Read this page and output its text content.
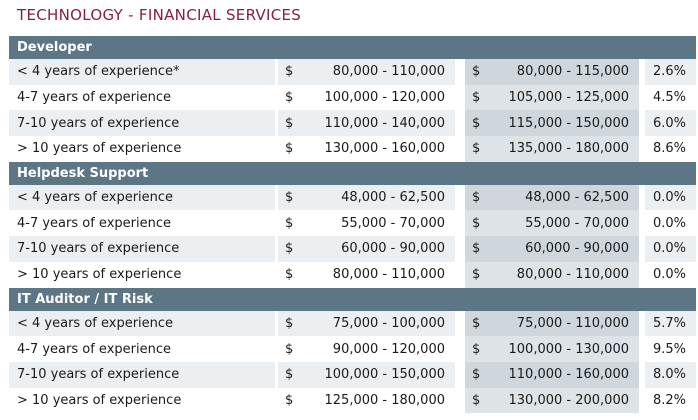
TECHNOLOGY - FINANCIAL SERVICES
Developer
< 4 years of experience*	$	80,000 - 110,000	$	80,000 - 115,000	2.6%
4-7 years of experience	$	100,000 - 120,000	$	105,000 - 125,000	4.5%
7-10 years of experience	$	110,000 - 140,000	$	115,000 - 150,000	6.0%
> 10 years of experience	$	130,000 - 160,000	$	135,000 - 180,000	8.6%
Helpdesk Support
< 4 years of experience	$	48,000 - 62,500	$	48,000 - 62,500	0.0%
4-7 years of experience	$	55,000 - 70,000	$	55,000 - 70,000	0.0%
7-10 years of experience	$	60,000 - 90,000	$	60,000 - 90,000	0.0%
> 10 years of experience	$	80,000 - 110,000	$	80,000 - 110,000	0.0%
IT Auditor / IT Risk
< 4 years of experience	$	75,000 - 100,000	$	75,000 - 110,000	5.7%
4-7 years of experience	$	90,000 - 120,000	$	100,000 - 130,000	9.5%
7-10 years of experience	$	100,000 - 150,000	$	110,000 - 160,000	8.0%
> 10 years of experience	$	125,000 - 180,000	$	130,000 - 200,000	8.2%
